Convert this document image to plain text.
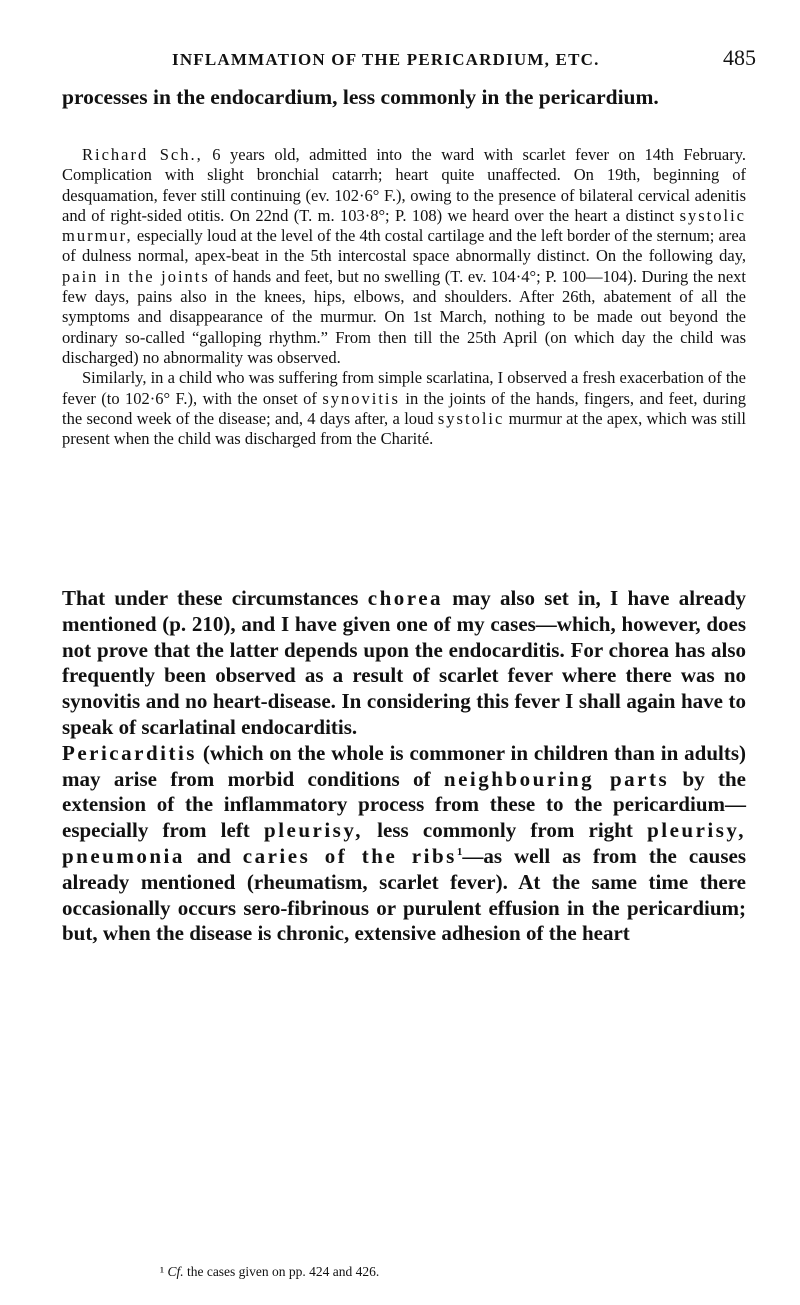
INFLAMMATION OF THE PERICARDIUM, ETC.	485
processes in the endocardium, less commonly in the pericardium.

Richard Sch., 6 years old, admitted into the ward with scarlet fever on 14th February. Complication with slight bronchial catarrh; heart quite unaffected. On 19th, beginning of desquamation, fever still continuing (ev. 102·6° F.), owing to the presence of bilateral cervical adenitis and of right-sided otitis. On 22nd (T. m. 103·8°; P. 108) we heard over the heart a distinct systolic murmur, especially loud at the level of the 4th costal cartilage and the left border of the sternum; area of dulness normal, apex-beat in the 5th intercostal space abnormally distinct. On the following day, pain in the joints of hands and feet, but no swelling (T. ev. 104·4°; P. 100—104). During the next few days, pains also in the knees, hips, elbows, and shoulders. After 26th, abatement of all the symptoms and disappearance of the murmur. On 1st March, nothing to be made out beyond the ordinary so-called “galloping rhythm.” From then till the 25th April (on which day the child was discharged) no abnormality was observed.

Similarly, in a child who was suffering from simple scarlatina, I observed a fresh exacerbation of the fever (to 102·6° F.), with the onset of synovitis in the joints of the hands, fingers, and feet, during the second week of the disease; and, 4 days after, a loud systolic murmur at the apex, which was still present when the child was discharged from the Charité.

That under these circumstances chorea may also set in, I have already mentioned (p. 210), and I have given one of my cases—which, however, does not prove that the latter depends upon the endocarditis. For chorea has also frequently been observed as a result of scarlet fever where there was no synovitis and no heart-disease. In considering this fever I shall again have to speak of scarlatinal endocarditis.

Pericarditis (which on the whole is commoner in children than in adults) may arise from morbid conditions of neighbouring parts by the extension of the inflammatory process from these to the pericardium—especially from left pleurisy, less commonly from right pleurisy, pneumonia and caries of the ribs$^1$—as well as from the causes already mentioned (rheumatism, scarlet fever). At the same time there occasionally occurs sero-fibrinous or purulent effusion in the pericardium; but, when the disease is chronic, extensive adhesion of the heart

¹ Cf. the cases given on pp. 424 and 426.
